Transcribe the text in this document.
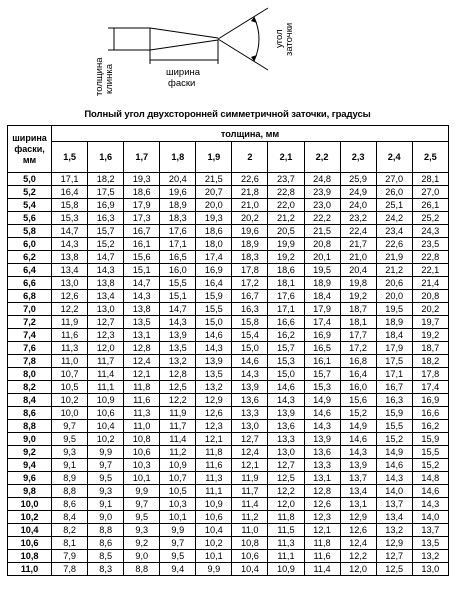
толщина клинка	ширина
фаски
угол заточки
Полный угол двухсторонней симметричной заточки, градусы
ширина фаски, мм	толщина, мм										
	1,5	1,6	1,7	1,8	1,9	2	2,1	2,2	2,3	2,4	2,5
5,0	17,1	18,2	19,3	20,4	21,5	22,6	23,7	24,8	25,9	27,0	28,1
5,2	16,4	17,5	18,6	19,6	20,7	21,8	22,8	23,9	24,9	26,0	27,0
5,4	15,8	16,9	17,9	18,9	20,0	21,0	22,0	23,0	24,0	25,1	26,1
5,6	15,3	16,3	17,3	18,3	19,3	20,2	21,2	22,2	23,2	24,2	25,2
5,8	14,7	15,7	16,7	17,6	18,6	19,6	20,5	21,5	22,4	23,4	24,3
6,0	14,3	15,2	16,1	17,1	18,0	18,9	19,9	20,8	21,7	22,6	23,5
6,2	13,8	14,7	15,6	16,5	17,4	18,3	19,2	20,1	21,0	21,9	22,8
6,4	13,4	14,3	15,1	16,0	16,9	17,8	18,6	19,5	20,4	21,2	22,1
6,6	13,0	13,8	14,7	15,5	16,4	17,2	18,1	18,9	19,8	20,6	21,4
6,8	12,6	13,4	14,3	15,1	15,9	16,7	17,6	18,4	19,2	20,0	20,8
7,0	12,2	13,0	13,8	14,7	15,5	16,3	17,1	17,9	18,7	19,5	20,2
7,2	11,9	12,7	13,5	14,3	15,0	15,8	16,6	17,4	18,1	18,9	19,7
7,4	11,6	12,3	13,1	13,9	14,6	15,4	16,2	16,9	17,7	18,4	19,2
7,6	11,3	12,0	12,8	13,5	14,3	15,0	15,7	16,5	17,2	17,9	18,7
7,8	11,0	11,7	12,4	13,2	13,9	14,6	15,3	16,1	16,8	17,5	18,2
8,0	10,7	11,4	12,1	12,8	13,5	14,3	15,0	15,7	16,4	17,1	17,8
8,2	10,5	11,1	11,8	12,5	13,2	13,9	14,6	15,3	16,0	16,7	17,4
8,4	10,2	10,9	11,6	12,2	12,9	13,6	14,3	14,9	15,6	16,3	16,9
8,6	10,0	10,6	11,3	11,9	12,6	13,3	13,9	14,6	15,2	15,9	16,6
8,8	9,7	10,4	11,0	11,7	12,3	13,0	13,6	14,3	14,9	15,5	16,2
9,0	9,5	10,2	10,8	11,4	12,1	12,7	13,3	13,9	14,6	15,2	15,9
9,2	9,3	9,9	10,6	11,2	11,8	12,4	13,0	13,6	14,3	14,9	15,5
9,4	9,1	9,7	10,3	10,9	11,6	12,1	12,7	13,3	13,9	14,6	15,2
9,6	8,9	9,5	10,1	10,7	11,3	11,9	12,5	13,1	13,7	14,3	14,8
9,8	8,8	9,3	9,9	10,5	11,1	11,7	12,2	12,8	13,4	14,0	14,6
10,0	8,6	9,1	9,7	10,3	10,9	11,4	12,0	12,6	13,1	13,7	14,3
10,2	8,4	9,0	9,5	10,1	10,6	11,2	11,8	12,3	12,9	13,4	14,0
10,4	8,2	8,8	9,3	9,9	10,4	11,0	11,5	12,1	12,6	13,2	13,7
10,6	8,1	8,6	9,2	9,7	10,2	10,8	11,3	11,8	12,4	12,9	13,5
10,8	7,9	8,5	9,0	9,5	10,1	10,6	11,1	11,6	12,2	12,7	13,2
11,0	7,8	8,3	8,8	9,4	9,9	10,4	10,9	11,4	12,0	12,5	13,0
